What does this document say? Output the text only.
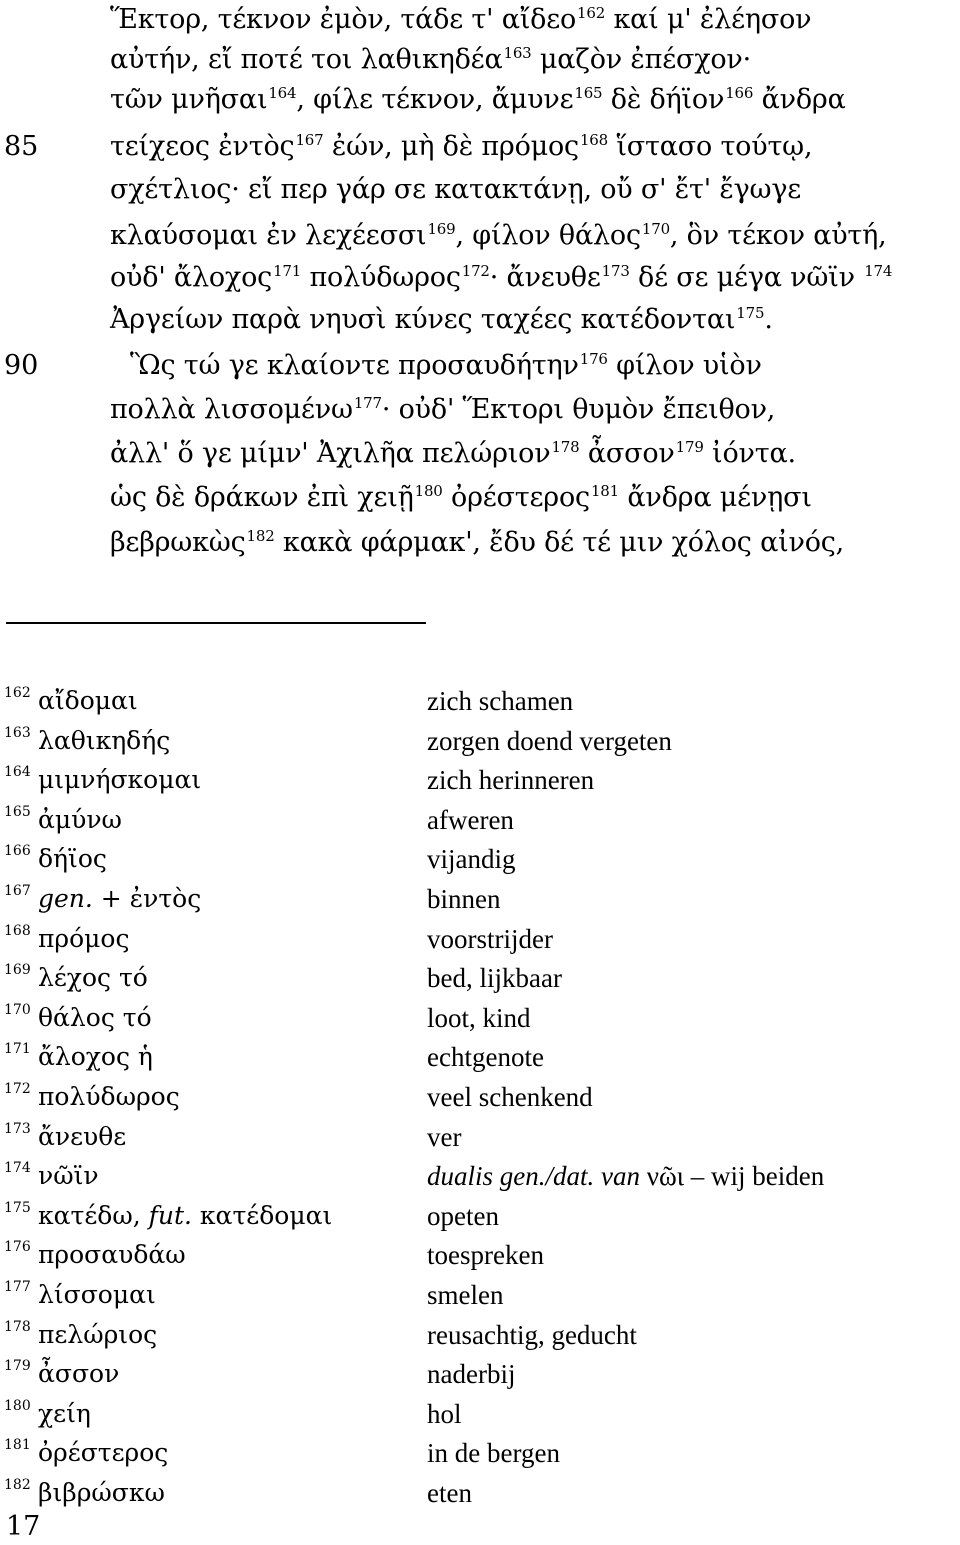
Ἕκτορ, τέκνον ἐμὸν, τάδε τ' αἴδεο$^{162}$ καί μ' ἐλέησον
αὐτήν, εἴ ποτέ τοι λαθικηδέα$^{163}$ μαζὸν ἐπέσχον·
τῶν μνῆσαι$^{164}$, φίλε τέκνον, ἄμυνε$^{165}$ δὲ δήϊον$^{166}$ ἄνδρα
85	τείχεος ἐντὸς$^{167}$ ἐών, μὴ δὲ πρόμος$^{168}$ ἵστασο τούτῳ,
σχέτλιος· εἴ περ γάρ σε κατακτάνῃ, οὔ σ' ἔτ' ἔγωγε
κλαύσομαι ἐν λεχέεσσι$^{169}$, φίλον θάλος$^{170}$, ὃν τέκον αὐτή,
οὐδ' ἄλοχος$^{171}$ πολύδωρος$^{172}$· ἄνευθε$^{173}$ δέ σε μέγα νῶϊν $^{174}$
Ἀργείων παρὰ νηυσὶ κύνες ταχέες κατέδονται$^{175}$.
90	Ὣς τώ γε κλαίοντε προσαυδήτην$^{176}$ φίλον υἱὸν
πολλὰ λισσομένω$^{177}$· οὐδ' Ἕκτορι θυμὸν ἔπειθον,
ἀλλ' ὅ γε μίμν' Ἀχιλῆα πελώριον$^{178}$ ἆσσον$^{179}$ ἰόντα.
ὡς δὲ δράκων ἐπὶ χειῇ$^{180}$ ὀρέστερος$^{181}$ ἄνδρα μένῃσι
βεβρωκὼς$^{182}$ κακὰ φάρμακ', ἔδυ δέ τέ μιν χόλος αἰνός,
162 αἴδομαι	zich schamen
163 λαθικηδής	zorgen doend vergeten
164 μιμνήσκομαι	zich herinneren
165 ἀμύνω	afweren
166 δήϊος	vijandig
167 gen. + ἐντὸς	binnen
168 πρόμος	voorstrijder
169 λέχος τό	bed, lijkbaar
170 θάλος τό	loot, kind
171 ἄλοχος ἡ	echtgenote
172 πολύδωρος	veel schenkend
173 ἄνευθε	ver
174 νῶϊν	dualis gen./dat. van νῶι – wij beiden
175 κατέδω, fut. κατέδομαι	opeten
176 προσαυδάω	toespreken
177 λίσσομαι	smelen
178 πελώριος	reusachtig, geducht
179 ἆσσον	naderbij
180 χείη	hol
181 ὀρέστερος	in de bergen
182 βιβρώσκω	eten
17
